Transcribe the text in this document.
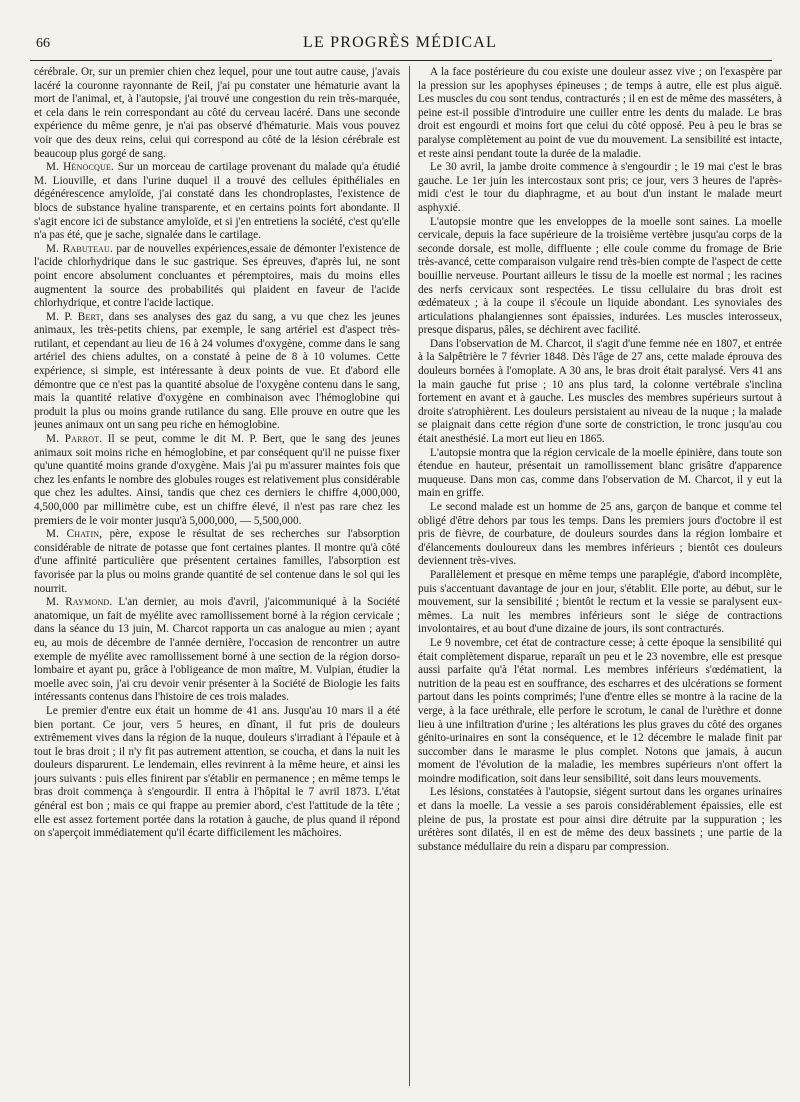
66	LE PROGRÈS MÉDICAL

cérébrale. Or, sur un premier chien chez lequel, pour une tout autre cause, j'avais lacéré la couronne rayonnante de Reil, j'ai pu constater une hématurie avant la mort de l'animal, et, à l'autopsie, j'ai trouvé une congestion du rein très-marquée, et cela dans le rein correspondant au côté du cerveau lacéré. Dans une seconde expérience du même genre, je n'ai pas observé d'hématurie. Mais vous pouvez voir que des deux reins, celui qui correspond au côté de la lésion cérébrale est beaucoup plus gorgé de sang.

M. Hénocque. Sur un morceau de cartilage provenant du malade qu'a étudié M. Liouville, et dans l'urine duquel il a trouvé des cellules épithéliales en dégénérescence amyloïde, j'ai constaté dans les chondroplastes, l'existence de blocs de substance hyaline transparente, et en certains points fort abondante. Il s'agit encore ici de substance amyloïde, et si j'en entretiens la société, c'est qu'elle n'a pas été, que je sache, signalée dans le cartilage.

M. Rabuteau. par de nouvelles expériences,essaie de démonter l'existence de l'acide chlorhydrique dans le suc gastrique. Ses épreuves, d'après lui, ne sont point encore absolument concluantes et péremptoires, mais du moins elles augmentent la source des probabilités qui plaident en faveur de l'acide chlorhydrique, et contre l'acide lactique.

M. P. Bert, dans ses analyses des gaz du sang, a vu que chez les jeunes animaux, les très-petits chiens, par exemple, le sang artériel est d'aspect très-rutilant, et cependant au lieu de 16 à 24 volumes d'oxygène, comme dans le sang artériel des chiens adultes, on a constaté à peine de 8 à 10 volumes. Cette expérience, si simple, est intéressante à deux points de vue. Et d'abord elle démontre que ce n'est pas la quantité absolue de l'oxygène contenu dans le sang, mais la quantité relative d'oxygène en combinaison avec l'hémoglobine qui produit la plus ou moins grande rutilance du sang. Elle prouve en outre que les jeunes animaux ont un sang peu riche en hémoglobine.

M. Parrot. Il se peut, comme le dit M. P. Bert, que le sang des jeunes animaux soit moins riche en hémoglobine, et par conséquent qu'il ne puisse fixer qu'une quantité moins grande d'oxygène. Mais j'ai pu m'assurer maintes fois que chez les enfants le nombre des globules rouges est relativement plus considérable que chez les adultes. Ainsi, tandis que chez ces derniers le chiffre 4,000,000, 4,500,000 par millimètre cube, est un chiffre élevé, il n'est pas rare chez les premiers de le voir monter jusqu'à 5,000,000, — 5,500,000.

M. Chatin, père, expose le résultat de ses recherches sur l'absorption considérable de nitrate de potasse que font certaines plantes. Il montre qu'à côté d'une affinité particulière que présentent certaines familles, l'absorption est favorisée par la plus ou moins grande quantité de sel contenue dans le sol qui les nourrit.

M. Raymond. L'an dernier, au mois d'avril, j'aicommuniqué à la Société anatomique, un fait de myélite avec ramollissement borné à la région cervicale ; dans la séance du 13 juin, M. Charcot rapporta un cas analogue au mien ; ayant eu, au mois de décembre de l'année dernière, l'occasion de rencontrer un autre exemple de myélite avec ramollissement borné à une section de la région dorso-lombaire et ayant pu, grâce à l'obligeance de mon maître, M. Vulpian, étudier la moelle avec soin, j'ai cru devoir venir présenter à la Société de Biologie les faits intéressants contenus dans l'histoire de ces trois malades.

Le premier d'entre eux était un homme de 41 ans. Jusqu'au 10 mars il a été bien portant. Ce jour, vers 5 heures, en dînant, il fut pris de douleurs extrêmement vives dans la région de la nuque, douleurs s'irradiant à l'épaule et à tout le bras droit ; il n'y fit pas autrement attention, se coucha, et dans la nuit les douleurs disparurent. Le lendemain, elles revinrent à la même heure, et ainsi les jours suivants : puis elles finirent par s'établir en permanence ; en même temps le bras droit commença à s'engourdir. Il entra à l'hôpital le 7 avril 1873. L'état général est bon ; mais ce qui frappe au premier abord, c'est l'attitude de la tête ; elle est assez fortement portée dans la rotation à gauche, de plus quand il répond on s'aperçoit immédiatement qu'il écarte difficilement les mâchoires.

A la face postérieure du cou existe une douleur assez vive ; on l'exaspère par la pression sur les apophyses épineuses ; de temps à autre, elle est plus aiguë. Les muscles du cou sont tendus, contracturés ; il en est de même des masséters, à peine est-il possible d'introduire une cuiller entre les dents du malade. Le bras droit est engourdi et moins fort que celui du côté opposé. Peu à peu le bras se paralyse complètement au point de vue du mouvement. La sensibilité est intacte, et reste ainsi pendant toute la durée de la maladie.

Le 30 avril, la jambe droite commence à s'engourdir ; le 19 mai c'est le bras gauche. Le 1er juin les intercostaux sont pris; ce jour, vers 3 heures de l'après-midi c'est le tour du diaphragme, et au bout d'un instant le malade meurt asphyxié.

L'autopsie montre que les enveloppes de la moelle sont saines. La moelle cervicale, depuis la face supérieure de la troisième vertèbre jusqu'au corps de la seconde dorsale, est molle, diffluente ; elle coule comme du fromage de Brie très-avancé, cette comparaison vulgaire rend très-bien compte de l'aspect de cette bouillie nerveuse. Pourtant ailleurs le tissu de la moelle est normal ; les racines des nerfs cervicaux sont respectées. Le tissu cellulaire du bras droit est œdémateux ; à la coupe il s'écoule un liquide abondant. Les synoviales des articulations phalangiennes sont épaissies, indurées. Les muscles interosseux, presque disparus, pâles, se déchirent avec facilité.

Dans l'observation de M. Charcot, il s'agit d'une femme née en 1807, et entrée à la Salpêtrière le 7 février 1848. Dès l'âge de 27 ans, cette malade éprouva des douleurs bornées à l'omoplate. A 30 ans, le bras droit était paralysé. Vers 41 ans la main gauche fut prise ; 10 ans plus tard, la colonne vertébrale s'inclina fortement en avant et à gauche. Les muscles des membres supérieurs surtout à droite s'atrophièrent. Les douleurs persistaient au niveau de la nuque ; la malade se plaignait dans cette région d'une sorte de constriction, le tronc jusqu'au cou était anesthésié. La mort eut lieu en 1865.

L'autopsie montra que la région cervicale de la moelle épinière, dans toute son étendue en hauteur, présentait un ramollissement blanc grisâtre d'apparence muqueuse. Dans mon cas, comme dans l'observation de M. Charcot, il y eut la main en griffe.

Le second malade est un homme de 25 ans, garçon de banque et comme tel obligé d'être dehors par tous les temps. Dans les premiers jours d'octobre il est pris de fièvre, de courbature, de douleurs sourdes dans la région lombaire et d'élancements douloureux dans les membres inférieurs ; bientôt ces douleurs deviennent très-vives.

Parallèlement et presque en même temps une paraplégie, d'abord incomplète, puis s'accentuant davantage de jour en jour, s'établit. Elle porte, au début, sur le mouvement, sur la sensibilité ; bientôt le rectum et la vessie se paralysent eux-mêmes. La nuit les membres inférieurs sont le siége de contractions involontaires, et au bout d'une dizaine de jours, ils sont contracturés.

Le 9 novembre, cet état de contracture cesse; à cette époque la sensibilité qui était complètement disparue, reparaît un peu et le 23 novembre, elle est presque aussi parfaite qu'à l'état normal. Les membres inférieurs s'œdématient, la nutrition de la peau est en souffrance, des escharres et des ulcérations se forment partout dans les points comprimés; l'une d'entre elles se montre à la racine de la verge, à la face uréthrale, elle perfore le scrotum, le canal de l'urèthre et donne lieu à une infiltration d'urine ; les altérations les plus graves du côté des organes génito-urinaires en sont la conséquence, et le 12 décembre le malade finit par succomber dans le marasme le plus complet. Notons que jamais, à aucun moment de l'évolution de la maladie, les membres supérieurs n'ont offert la moindre modification, soit dans leur sensibilité, soit dans leurs mouvements.

Les lésions, constatées à l'autopsie, siégent surtout dans les organes urinaires et dans la moelle. La vessie a ses parois considérablement épaissies, elle est pleine de pus, la prostate est pour ainsi dire détruite par la suppuration ; les urétères sont dilatés, il en est de même des deux bassinets ; une partie de la substance médullaire du rein a disparu par compression.
